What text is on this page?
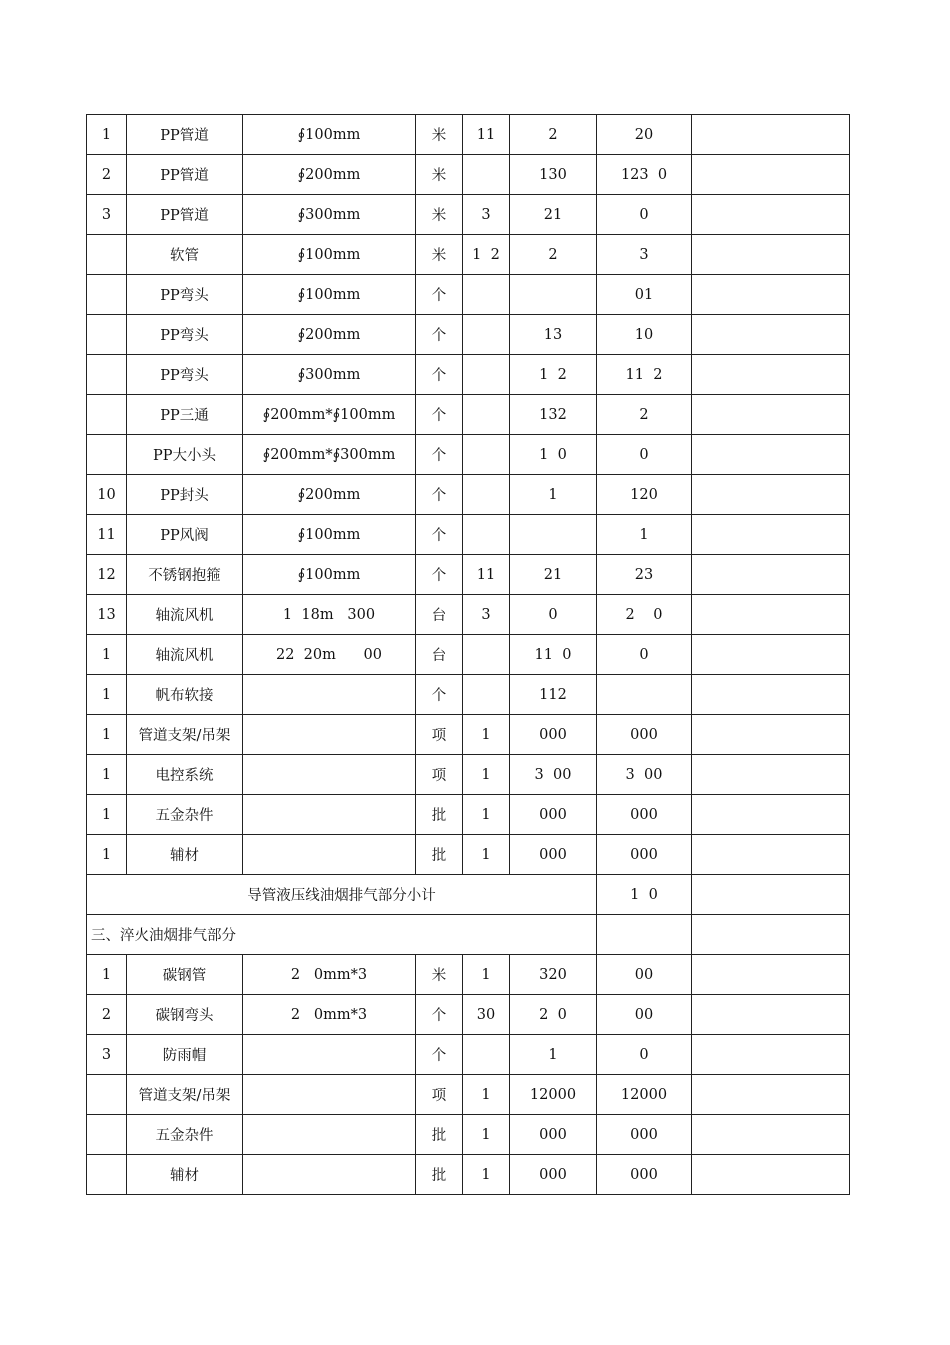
1	PP管道	∮100mm	米	11	2	20	
2	PP管道	∮200mm	米		130	123  0	
3	PP管道	∮300mm	米	3	21	0	
	软管	∮100mm	米	1  2	2	3	
	PP弯头	∮100mm	个			01	
	PP弯头	∮200mm	个		13	10	
	PP弯头	∮300mm	个		1  2	11  2	
	PP三通	∮200mm*∮100mm	个		132	2	
	PP大小头	∮200mm*∮300mm	个		1  0	0	
10	PP封头	∮200mm	个		1	120	
11	PP风阀	∮100mm	个			1	
12	不锈钢抱箍	∮100mm	个	11	21	23	
13	轴流风机	1  18m   300	台	3	0	2    0	
1	轴流风机	22  20m      00	台		11  0	0	
1	帆布软接		个		112		
1	管道支架/吊架		项	1	000	000	
1	电控系统		项	1	3  00	3  00	
1	五金杂件		批	1	000	000	
1	辅材		批	1	000	000	
导管液压线油烟排气部分小计						1  0	
三、淬火油烟排气部分							
1	碳钢管	2   0mm*3	米	1	320	00	
2	碳钢弯头	2   0mm*3	个	30	2  0	00	
3	防雨帽		个		1	0	
	管道支架/吊架		项	1	12000	12000	
	五金杂件		批	1	000	000	
	辅材		批	1	000	000	
